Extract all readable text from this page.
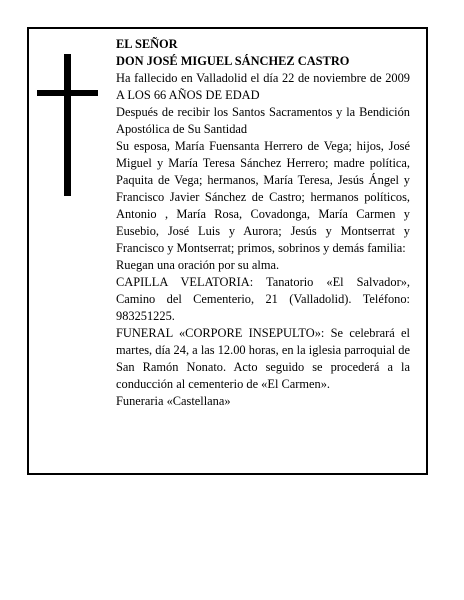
EL SEÑOR

DON JOSÉ MIGUEL SÁNCHEZ CASTRO

Ha fallecido en Valladolid el día 22 de noviembre de 2009 A LOS 66 AÑOS DE EDAD

Después de recibir los Santos Sacramentos y la Bendición Apostólica de Su Santidad

Su esposa, María Fuensanta Herrero de Vega; hijos, José Miguel y María Teresa Sánchez Herrero; madre política, Paquita de Vega; hermanos, María Teresa, Jesús Ángel y Francisco Javier Sánchez de Castro; hermanos políticos, Antonio , María Rosa, Covadonga, María Carmen y Eusebio, José Luis y Aurora; Jesús y Montserrat y Francisco y Montserrat; primos, sobrinos y demás familia:

Ruegan una oración por su alma.

CAPILLA VELATORIA: Tanatorio «El Salvador», Camino del Cementerio, 21 (Valladolid). Teléfono: 983251225.

FUNERAL «CORPORE INSEPULTO»: Se celebrará el martes, día 24, a las 12.00 horas, en la iglesia parroquial de San Ramón Nonato. Acto seguido se procederá a la conducción al cementerio de «El Carmen».

Funeraria «Castellana»
